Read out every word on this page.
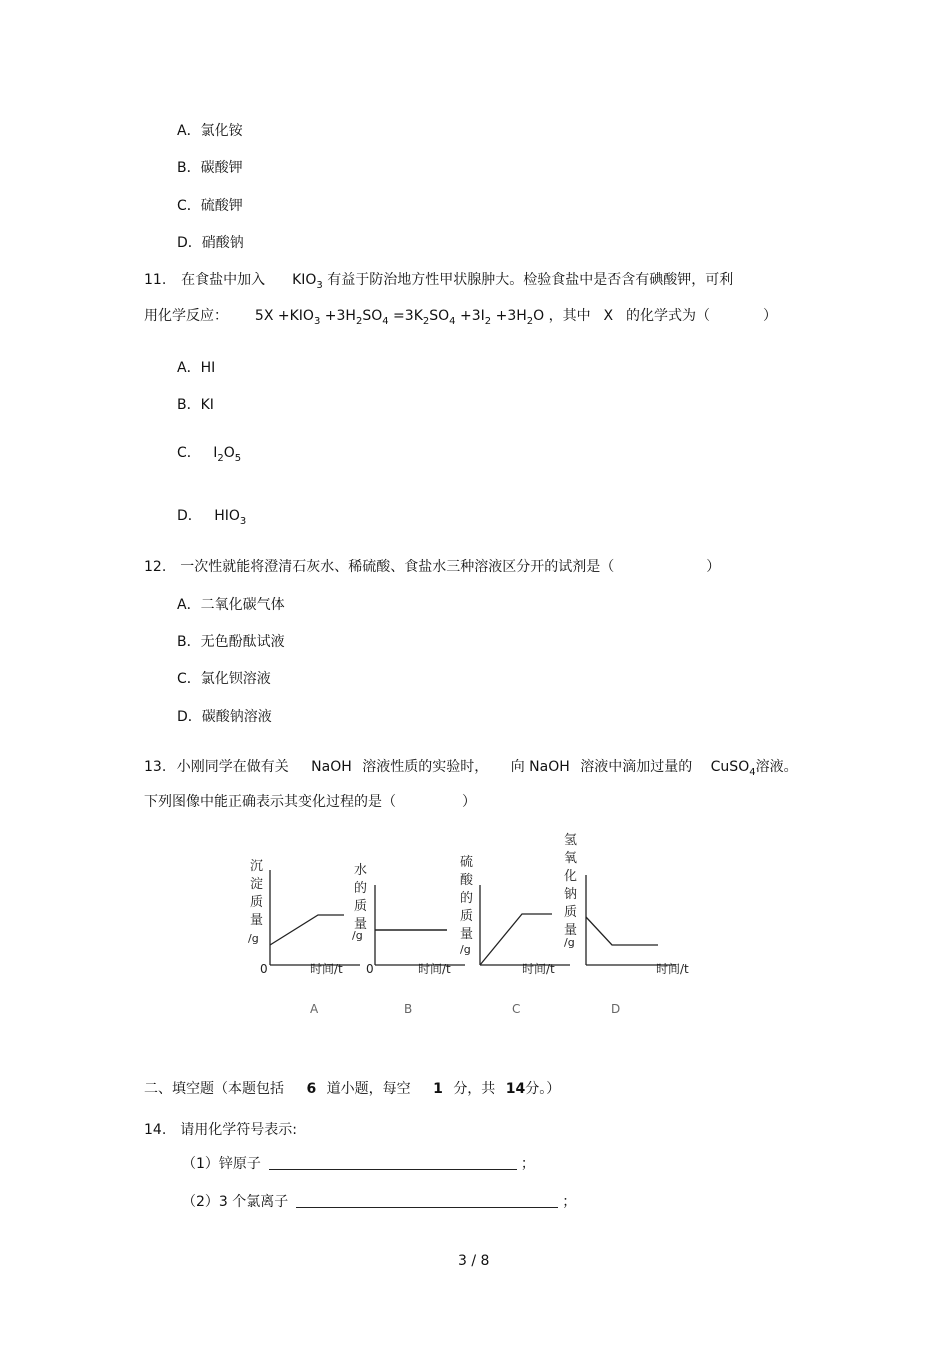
A．氯化铵
B．碳酸钾
C．硫酸钾
D．硝酸钠
11. 在食盐中加入 $KIO_3$ 有益于防治地方性甲状腺肿大。检验食盐中是否含有碘酸钾，可利
用化学反应： $5X +KIO_3 +3H_2SO_4 =3K_2SO_4 +3I_2 +3H_2O$ ，其中 X 的化学式为（	）
A．HI
B．KI
C． $I_2O_5$
D． $HIO_3$
12.　一次性就能将澄清石灰水、稀硫酸、食盐水三种溶液区分开的试剂是（	）
A．二氧化碳气体
B．无色酚酞试液
C．氯化钡溶液
D．碳酸钠溶液
13. 小刚同学在做有关 NaOH 溶液性质的实验时， 向 NaOH 溶液中滴加过量的 CuSO$_4$溶液。
下列图像中能正确表示其变化过程的是（	）
沉
淀
质
量
/g
0	时间/t
A
水
的
质
量
/g
0	时间/t
B
硫
酸
的
质
量
/g
时间/t
C
氢
氧
化
钠
质
量
/g
时间/t
D
二、填空题（本题包括 6 道小题，每空 1 分，共 14分。）
14.　请用化学符号表示:
（1）锌原子	；
（2）3 个氯离子	；
3 / 8
